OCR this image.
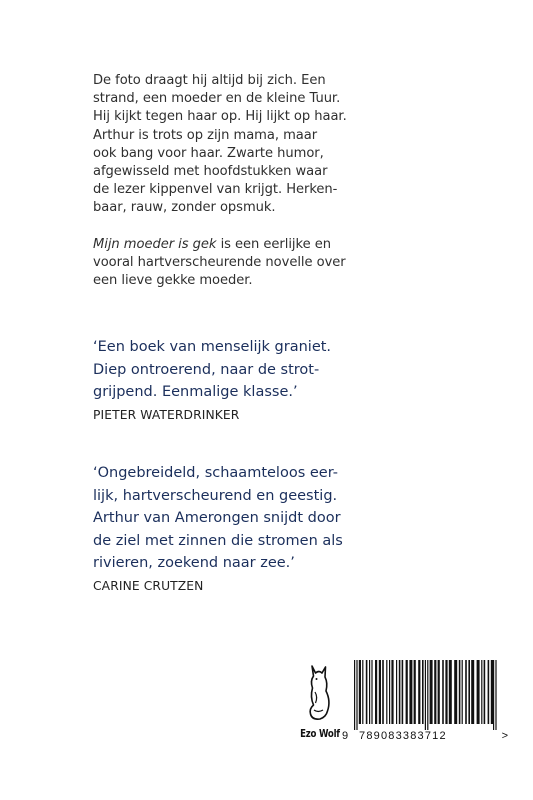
De foto draagt hij altijd bij zich. Een
strand, een moeder en de kleine Tuur.
Hij kijkt tegen haar op. Hij lijkt op haar.
Arthur is trots op zijn mama, maar
ook bang voor haar. Zwarte humor,
afgewisseld met hoofdstukken waar
de lezer kippenvel van krijgt. Herken-
baar, rauw, zonder opsmuk.

Mijn moeder is gek is een eerlijke en
vooral hartverscheurende novelle over
een lieve gekke moeder.

‘Een boek van menselijk graniet.
Diep ontroerend, naar de strot-
grijpend. Eenmalige klasse.’

PIETER WATERDRINKER

‘Ongebreideld, schaamteloos eer-
lijk, hartverscheurend en geestig.
Arthur van Amerongen snijdt door
de ziel met zinnen die stromen als
rivieren, zoekend naar zee.’

CARINE CRUTZEN
Ezo Wolf 9 789083383712	>
